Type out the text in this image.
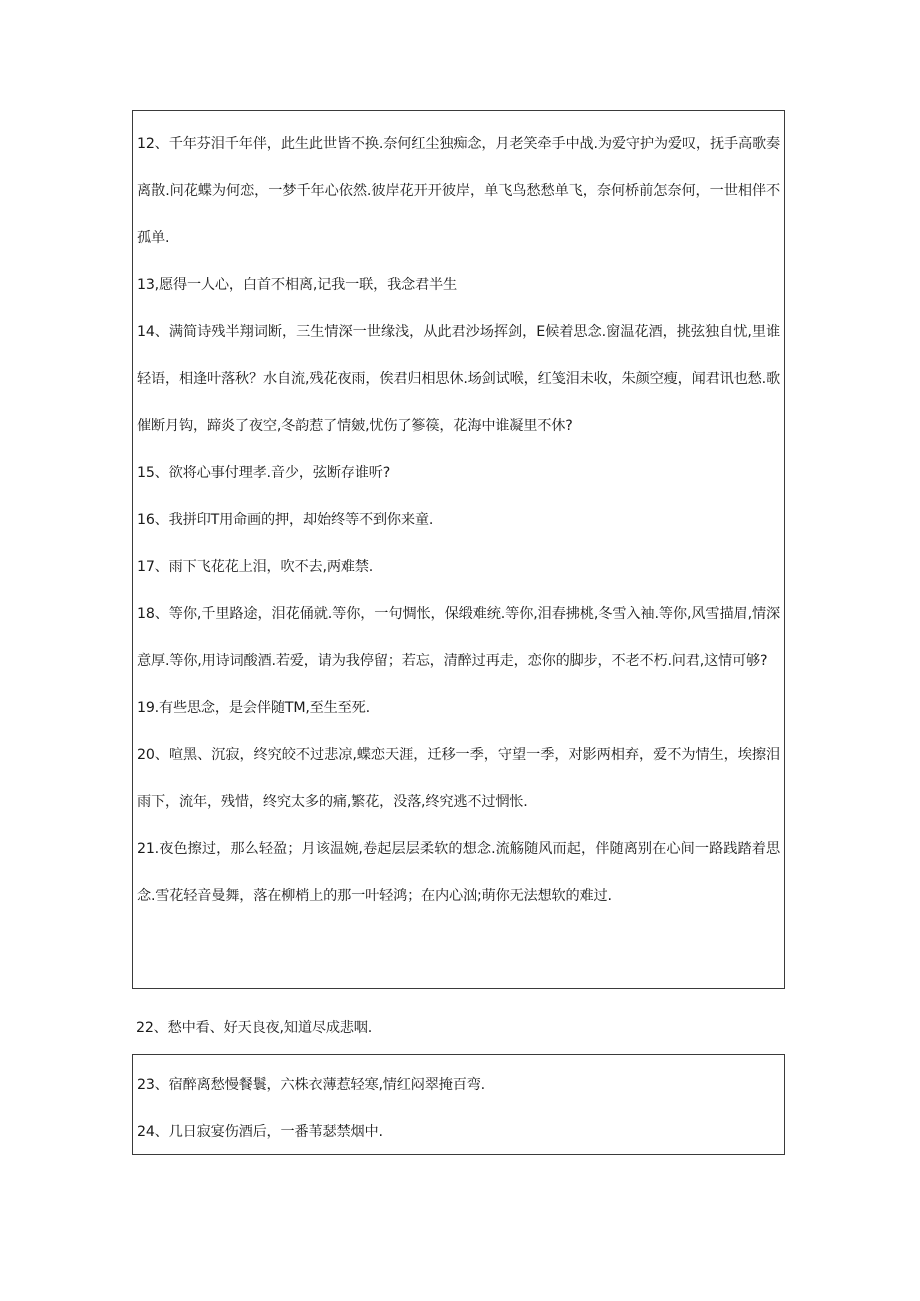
12、千年芬泪千年伴，此生此世皆不换.奈何红尘独痴念，月老笑牵手中战.为爱守护为爱叹，抚手高歌奏离散.问花蝶为何恋，一梦千年心依然.彼岸花开开彼岸，单飞鸟愁愁单飞，奈何桥前怎奈何，一世相伴不孤单.

13,愿得一人心，白首不相离,记我一联，我念君半生

14、满简诗残半翔词断，三生情深一世缘浅，从此君沙场挥剑，E候着思念.窗温花酒，挑弦独自忧,里谁轻语，相逢叶落秋？水自流,残花夜雨，俟君归相思休.场剑试喉，红笺泪未收，朱颜空瘦，闻君讯也愁.歌催断月钩，蹄炎了夜空,冬韵惹了情皴,忧伤了篸篌，花海中谁凝里不休?

15、欲将心事付理孝.音少，弦断存谁听?

16、我拼印T用命画的押，却始终等不到你来童.

17、雨下飞花花上泪，吹不去,两难禁.

18、等你,千里路途，泪花俑就.等你，一句惆怅，保缎难统.等你,泪春拂桃,冬雪入袖.等你,风雪描眉,情深意厚.等你,用诗词酸酒.若爱，请为我停留；若忘，清醉过再走，恋你的脚步，不老不朽.问君,这情可够?

19.有些思念，是会伴随TM,至生至死.

20、喧黑、沉寂，终究皎不过悲凉,蝶恋天涯，迁移一季，守望一季，对影两相弃，爱不为情生，埃擦泪雨下，流年，残惜，终究太多的痛,繁花，没落,终究逃不过惘怅.

21.夜色擦过，那么轻盈；月该温婉,卷起层层柔软的想念.流觞随风而起，伴随离别在心间一路践踏着思念.雪花轻音曼舞，落在柳梢上的那一叶轻鸿；在内心汹;萌你无法想软的难过.

22、愁中看、好天良夜,知道尽成悲咽.

23、宿醉离愁慢餐鬟，六株衣薄惹轻寒,情红闷翠掩百弯.

24、几日寂宴伤酒后，一番苇瑟禁烟中.
